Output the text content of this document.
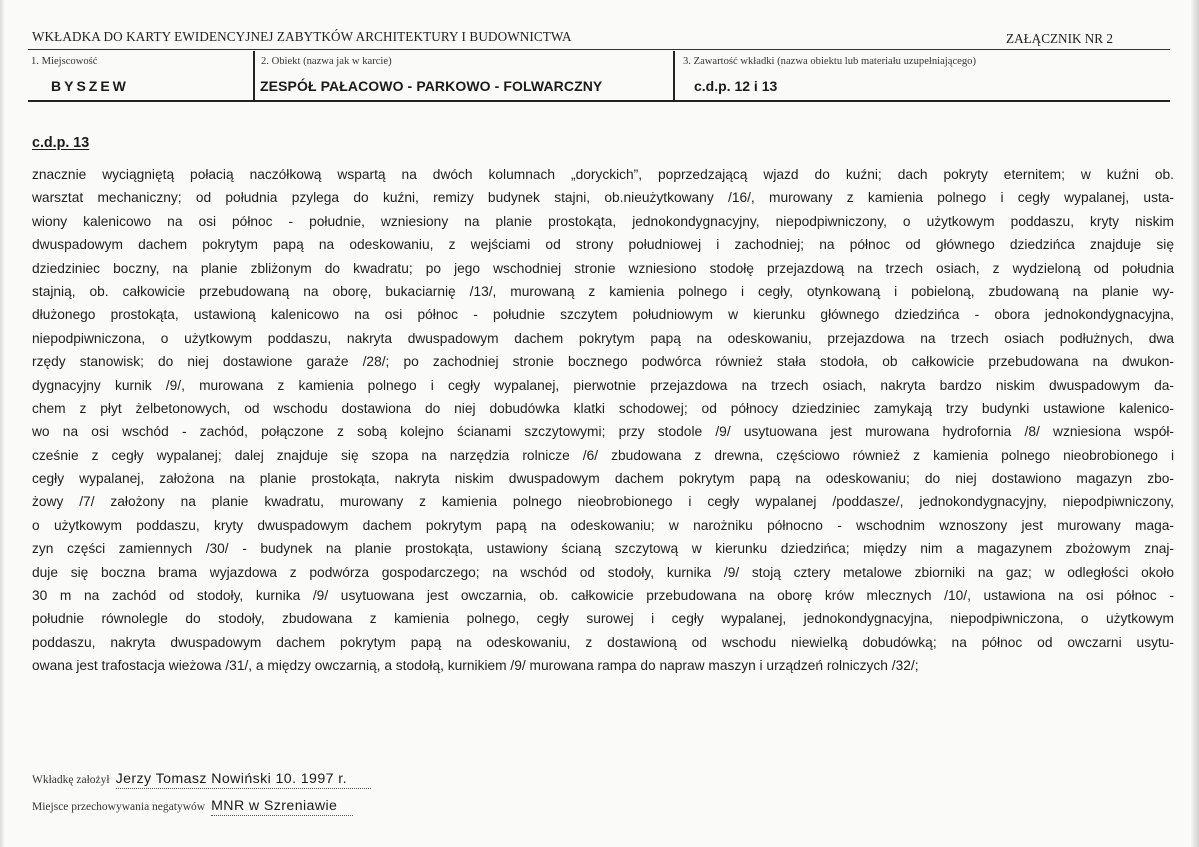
WKŁADKA DO KARTY EWIDENCYJNEJ ZABYTKÓW ARCHITEKTURY I BUDOWNICTWA	ZAŁĄCZNIK NR 2
1. Miejscowość
BYSZEW
2. Obiekt (nazwa jak w karcie)
ZESPÓŁ PAŁACOWO - PARKOWO - FOLWARCZNY
3. Zawartość wkładki (nazwa obiektu lub materiału uzupełniającego)
c.d.p. 12 i 13
c.d.p. 13
znacznie wyciągniętą połacią naczółkową wspartą na dwóch kolumnach „doryckich”, poprzedzającą wjazd do kuźni; dach pokryty eternitem; w kuźni ob.
warsztat mechaniczny; od południa pzylega do kuźni, remizy budynek stajni, ob.nieużytkowany /16/, murowany z kamienia polnego i cegły wypalanej, usta-
wiony kalenicowo na osi północ - południe, wzniesiony na planie prostokąta, jednokondygnacyjny, niepodpiwniczony, o użytkowym poddaszu, kryty niskim
dwuspadowym dachem pokrytym papą na odeskowaniu, z wejściami od strony południowej i zachodniej; na północ od głównego dziedzińca znajduje się
dziedziniec boczny, na planie zbliżonym do kwadratu; po jego wschodniej stronie wzniesiono stodołę przejazdową na trzech osiach, z wydzieloną od południa
stajnią, ob. całkowicie przebudowaną na oborę, bukaciarnię /13/, murowaną z kamienia polnego i cegły, otynkowaną i pobieloną, zbudowaną na planie wy-
dłużonego prostokąta, ustawioną kalenicowo na osi północ - południe szczytem południowym w kierunku głównego dziedzińca - obora jednokondygnacyjna,
niepodpiwniczona, o użytkowym poddaszu, nakryta dwuspadowym dachem pokrytym papą na odeskowaniu, przejazdowa na trzech osiach podłużnych, dwa
rzędy stanowisk; do niej dostawione garaże /28/; po zachodniej stronie bocznego podwórca również stała stodoła, ob całkowicie przebudowana na dwukon-
dygnacyjny kurnik /9/, murowana z kamienia polnego i cegły wypalanej, pierwotnie przejazdowa na trzech osiach, nakryta bardzo niskim dwuspadowym da-
chem z płyt żelbetonowych, od wschodu dostawiona do niej dobudówka klatki schodowej; od północy dziedziniec zamykają trzy budynki ustawione kalenico-
wo na osi wschód - zachód, połączone z sobą kolejno ścianami szczytowymi; przy stodole /9/ usytuowana jest murowana hydrofornia /8/ wzniesiona współ-
cześnie z cegły wypalanej; dalej znajduje się szopa na narzędzia rolnicze /6/ zbudowana z drewna, częściowo również z kamienia polnego nieobrobionego i
cegły wypalanej, założona na planie prostokąta, nakryta niskim dwuspadowym dachem pokrytym papą na odeskowaniu; do niej dostawiono magazyn zbo-
żowy /7/ założony na planie kwadratu, murowany z kamienia polnego nieobrobionego i cegły wypalanej /poddasze/, jednokondygnacyjny, niepodpiwniczony,
o użytkowym poddaszu, kryty dwuspadowym dachem pokrytym papą na odeskowaniu; w narożniku północno - wschodnim wznoszony jest murowany maga-
zyn części zamiennych /30/ - budynek na planie prostokąta, ustawiony ścianą szczytową w kierunku dziedzińca; między nim a magazynem zbożowym znaj-
duje się boczna brama wyjazdowa z podwórza gospodarczego; na wschód od stodoły, kurnika /9/ stoją cztery metalowe zbiorniki na gaz; w odległości około
30 m na zachód od stodoły, kurnika /9/ usytuowana jest owczarnia, ob. całkowicie przebudowana na oborę krów mlecznych /10/, ustawiona na osi północ -
południe równolegle do stodoły, zbudowana z kamienia polnego, cegły surowej i cegły wypalanej, jednokondygnacyjna, niepodpiwniczona, o użytkowym
poddaszu, nakryta dwuspadowym dachem pokrytym papą na odeskowaniu, z dostawioną od wschodu niewielką dobudówką; na północ od owczarni usytu-
owana jest trafostacja wieżowa /31/, a między owczarnią, a stodołą, kurnikiem /9/ murowana rampa do napraw maszyn i urządzeń rolniczych /32/;
Wkładkę założył Jerzy Tomasz Nowiński 10. 1997 r.
Miejsce przechowywania negatywów MNR w Szreniawie
